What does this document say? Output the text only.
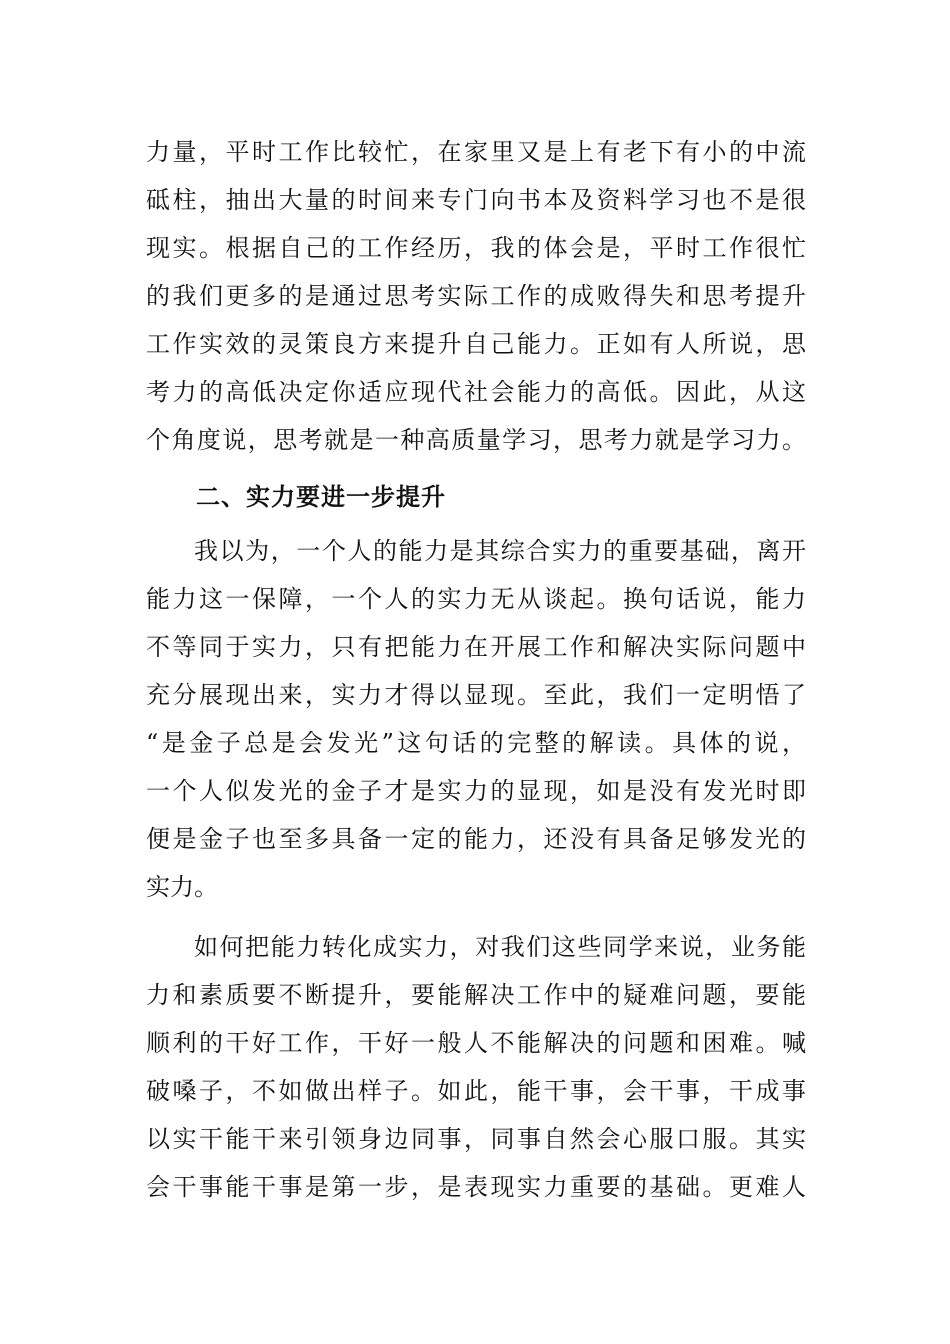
力量，平时工作比较忙，在家里又是上有老下有小的中流
砥柱，抽出大量的时间来专门向书本及资料学习也不是很
现实。根据自己的工作经历，我的体会是，平时工作很忙
的我们更多的是通过思考实际工作的成败得失和思考提升
工作实效的灵策良方来提升自己能力。正如有人所说，思
考力的高低决定你适应现代社会能力的高低。因此，从这
个角度说，思考就是一种高质量学习，思考力就是学习力。
二、实力要进一步提升
我以为，一个人的能力是其综合实力的重要基础，离开
能力这一保障，一个人的实力无从谈起。换句话说，能力
不等同于实力，只有把能力在开展工作和解决实际问题中
充分展现出来，实力才得以显现。至此，我们一定明悟了
“是金子总是会发光”这句话的完整的解读。具体的说，
一个人似发光的金子才是实力的显现，如是没有发光时即
便是金子也至多具备一定的能力，还没有具备足够发光的
实力。
如何把能力转化成实力，对我们这些同学来说，业务能
力和素质要不断提升，要能解决工作中的疑难问题，要能
顺利的干好工作，干好一般人不能解决的问题和困难。喊
破嗓子，不如做出样子。如此，能干事，会干事，干成事
以实干能干来引领身边同事，同事自然会心服口服。其实
会干事能干事是第一步，是表现实力重要的基础。更难人
